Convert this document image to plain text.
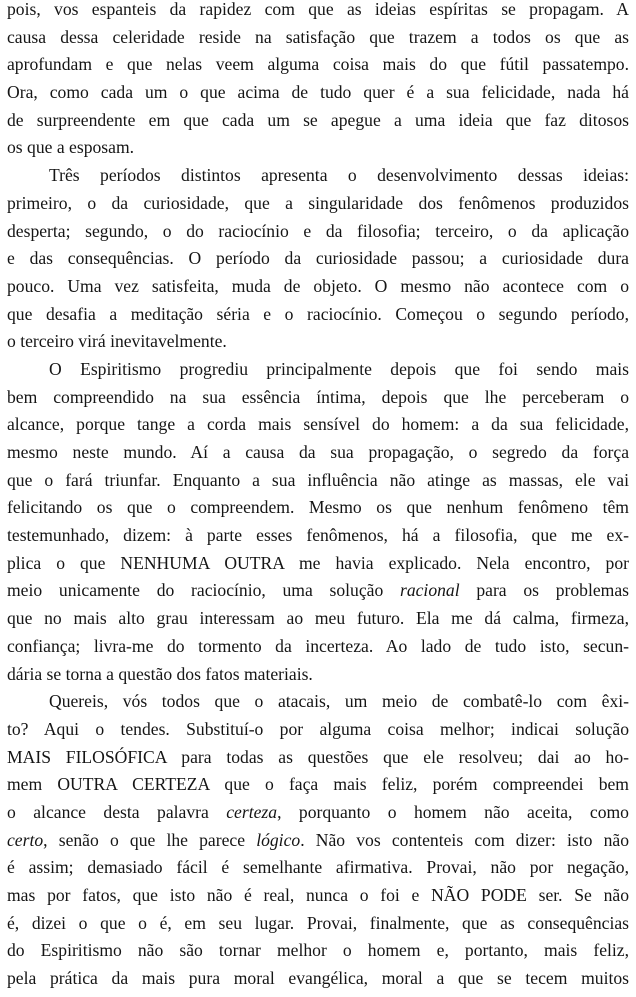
pois, vos espanteis da rapidez com que as ideias espíritas se propagam. A
causa dessa celeridade reside na satisfação que trazem a todos os que as
aprofundam e que nelas veem alguma coisa mais do que fútil passatempo.
Ora, como cada um o que acima de tudo quer é a sua felicidade, nada há
de surpreendente em que cada um se apegue a uma ideia que faz ditosos
os que a esposam.
Três períodos distintos apresenta o desenvolvimento dessas ideias:
primeiro, o da curiosidade, que a singularidade dos fenômenos produzidos
desperta; segundo, o do raciocínio e da filosofia; terceiro, o da aplicação
e das consequências. O período da curiosidade passou; a curiosidade dura
pouco. Uma vez satisfeita, muda de objeto. O mesmo não acontece com o
que desafia a meditação séria e o raciocínio. Começou o segundo período,
o terceiro virá inevitavelmente.
O Espiritismo progrediu principalmente depois que foi sendo mais
bem compreendido na sua essência íntima, depois que lhe perceberam o
alcance, porque tange a corda mais sensível do homem: a da sua felicidade,
mesmo neste mundo. Aí a causa da sua propagação, o segredo da força
que o fará triunfar. Enquanto a sua influência não atinge as massas, ele vai
felicitando os que o compreendem. Mesmo os que nenhum fenômeno têm
testemunhado, dizem: à parte esses fenômenos, há a filosofia, que me ex-
plica o que NENHUMA OUTRA me havia explicado. Nela encontro, por
meio unicamente do raciocínio, uma solução racional para os problemas
que no mais alto grau interessam ao meu futuro. Ela me dá calma, firmeza,
confiança; livra-me do tormento da incerteza. Ao lado de tudo isto, secun-
dária se torna a questão dos fatos materiais.
Quereis, vós todos que o atacais, um meio de combatê-lo com êxi-
to? Aqui o tendes. Substituí-o por alguma coisa melhor; indicai solução
MAIS FILOSÓFICA para todas as questões que ele resolveu; dai ao ho-
mem OUTRA CERTEZA que o faça mais feliz, porém compreendei bem
o alcance desta palavra certeza, porquanto o homem não aceita, como
certo, senão o que lhe parece lógico. Não vos contenteis com dizer: isto não
é assim; demasiado fácil é semelhante afirmativa. Provai, não por negação,
mas por fatos, que isto não é real, nunca o foi e NÃO PODE ser. Se não
é, dizei o que o é, em seu lugar. Provai, finalmente, que as consequências
do Espiritismo não são tornar melhor o homem e, portanto, mais feliz,
pela prática da mais pura moral evangélica, moral a que se tecem muitos
